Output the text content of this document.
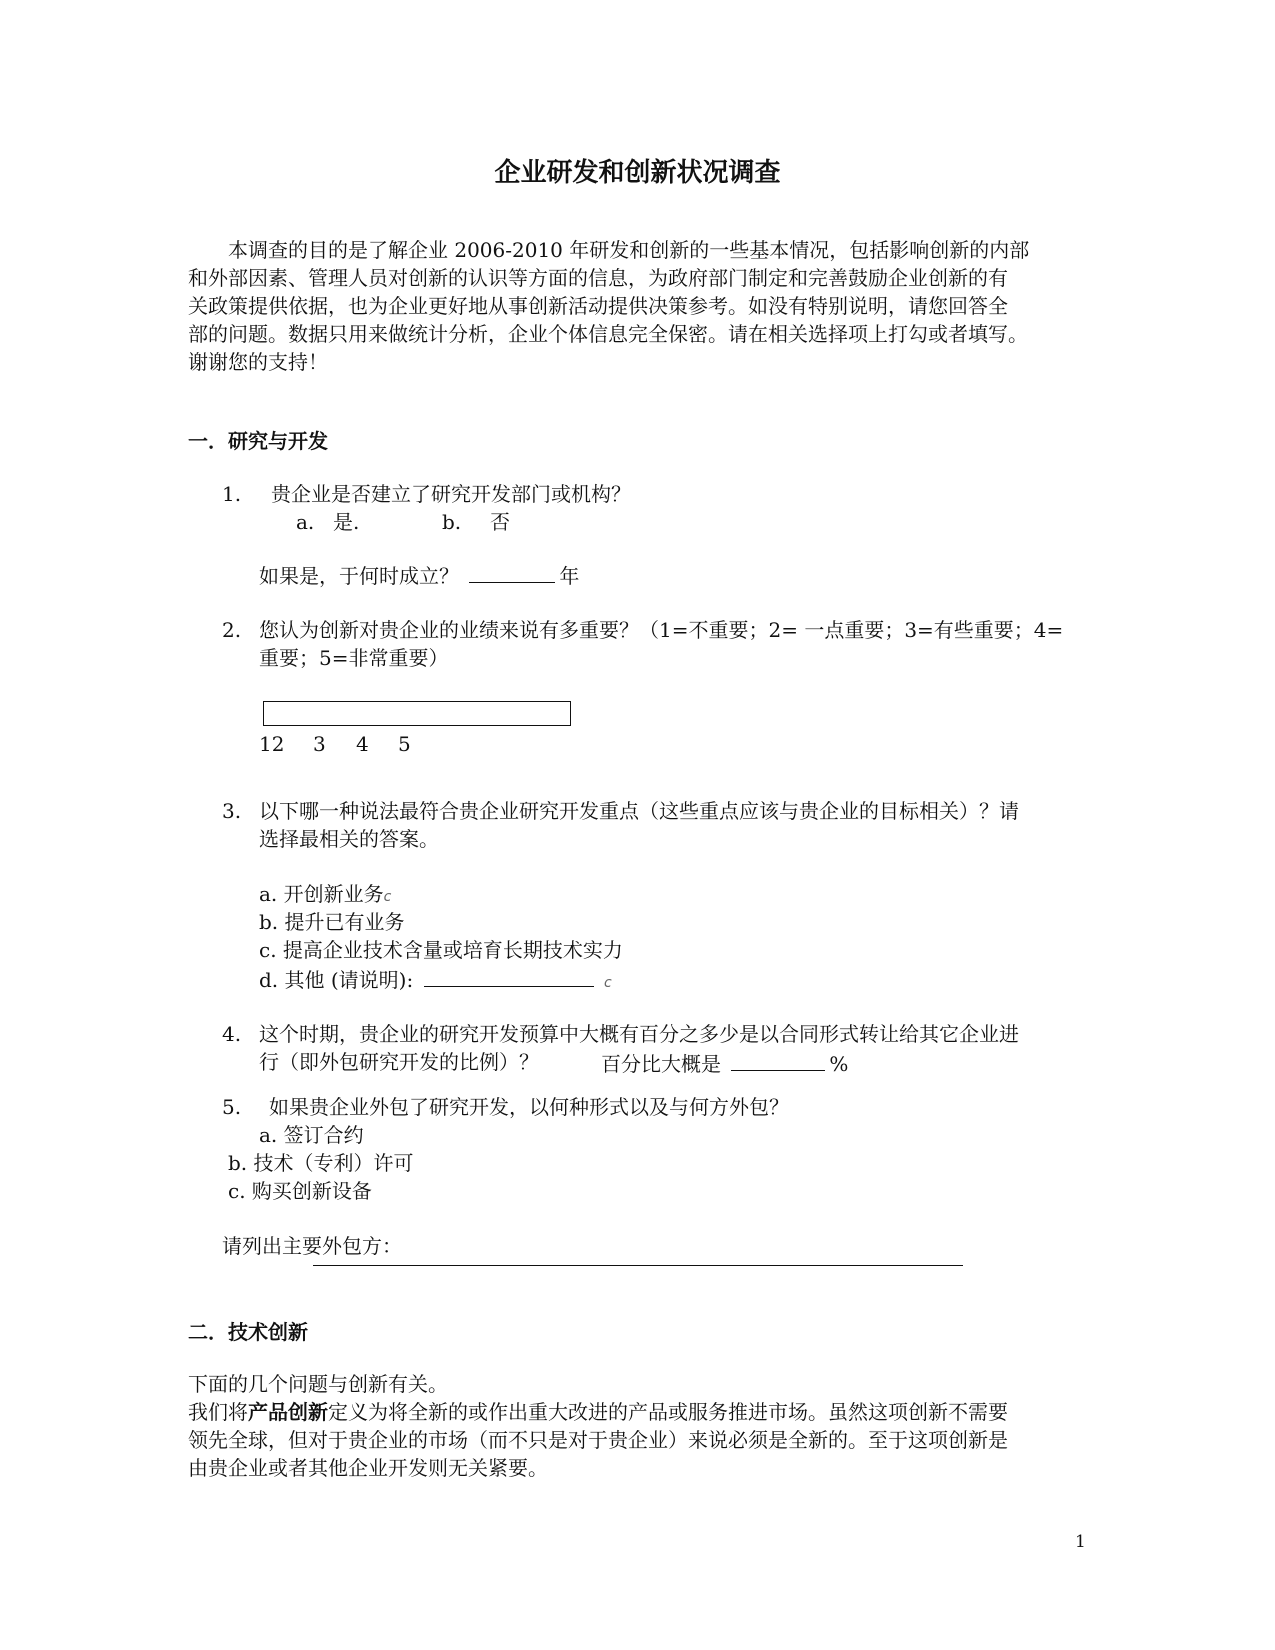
企业研发和创新状况调查
本调查的目的是了解企业 2006-2010 年研发和创新的一些基本情况，包括影响创新的内部
和外部因素、管理人员对创新的认识等方面的信息，为政府部门制定和完善鼓励企业创新的有
关政策提供依据，也为企业更好地从事创新活动提供决策参考。如没有特别说明，请您回答全
部的问题。数据只用来做统计分析，企业个体信息完全保密。请在相关选择项上打勾或者填写。
谢谢您的支持！
一．研究与开发
1. 贵企业是否建立了研究开发部门或机构？
a. 是.	b. 否
如果是，于何时成立？	年
2. 您认为创新对贵企业的业绩来说有多重要？（1=不重要；2= 一点重要；3=有些重要；4=
重要；5=非常重要）
12 3 4 5
3. 以下哪一种说法最符合贵企业研究开发重点（这些重点应该与贵企业的目标相关）？请
选择最相关的答案。
a. 开创新业务c
b. 提升已有业务
c. 提高企业技术含量或培育长期技术实力
d. 其他 (请说明):	c
4. 这个时期，贵企业的研究开发预算中大概有百分之多少是以合同形式转让给其它企业进
行（即外包研究开发的比例）？	百分比大概是	%
5. 如果贵企业外包了研究开发，以何种形式以及与何方外包？
a. 签订合约
b. 技术（专利）许可
c. 购买创新设备
请列出主要外包方：
二．技术创新
下面的几个问题与创新有关。
我们将产品创新定义为将全新的或作出重大改进的产品或服务推进市场。虽然这项创新不需要
领先全球，但对于贵企业的市场（而不只是对于贵企业）来说必须是全新的。至于这项创新是
由贵企业或者其他企业开发则无关紧要。
1
